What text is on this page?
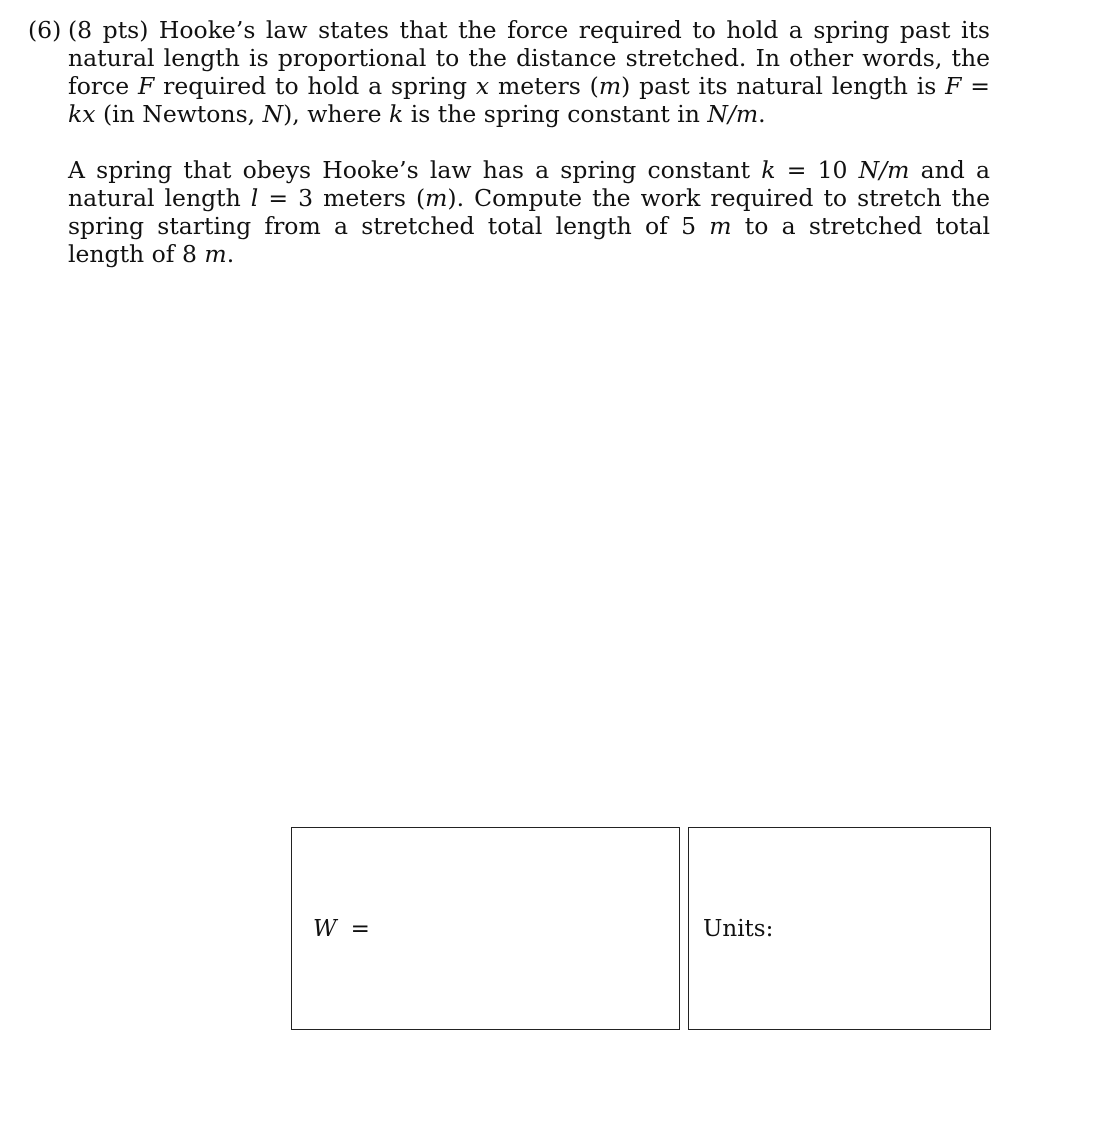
(6) (8 pts) Hooke’s law states that the force required to hold a spring past its natural length is proportional to the distance stretched. In other words, the force F required to hold a spring x meters (m) past its natural length is F = kx (in Newtons, N), where k is the spring constant in N/m.

A spring that obeys Hooke’s law has a spring constant k = 10 N/m and a natural length l = 3 meters (m). Compute the work required to stretch the spring starting from a stretched total length of 5 m to a stretched total length of 8 m.

W =	Units:
